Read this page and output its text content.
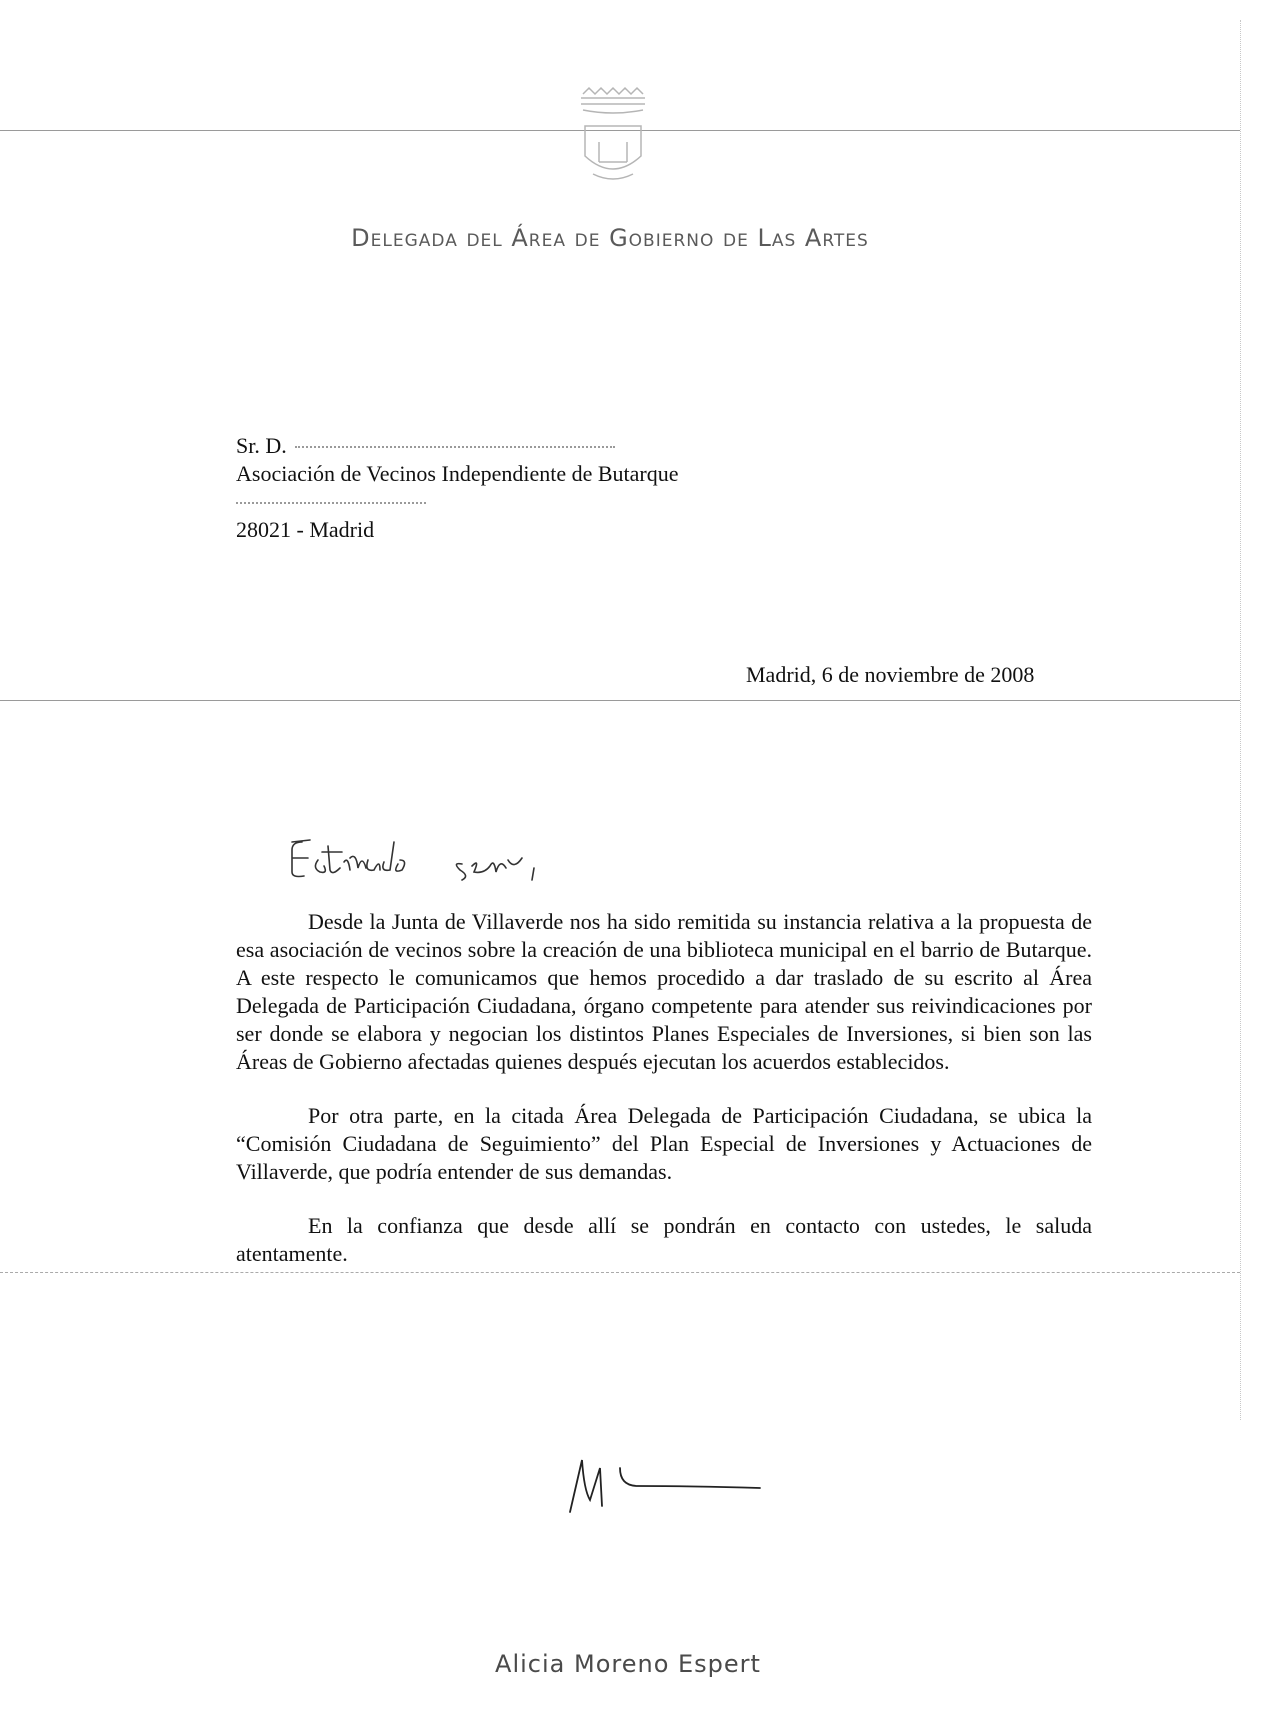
Delegada del Área de Gobierno de Las Artes
Sr. D.
Asociación de Vecinos Independiente de Butarque
28021 - Madrid
Madrid, 6 de noviembre de 2008

Desde la Junta de Villaverde nos ha sido remitida su instancia relativa a la propuesta de esa asociación de vecinos sobre la creación de una biblioteca municipal en el barrio de Butarque. A este respecto le comunicamos que hemos procedido a dar traslado de su escrito al Área Delegada de Participación Ciudadana, órgano competente para atender sus reivindicaciones por ser donde se elabora y negocian los distintos Planes Especiales de Inversiones, si bien son las Áreas de Gobierno afectadas quienes después ejecutan los acuerdos establecidos.

Por otra parte, en la citada Área Delegada de Participación Ciudadana, se ubica la “Comisión Ciudadana de Seguimiento” del Plan Especial de Inversiones y Actuaciones de Villaverde, que podría entender de sus demandas.

En la confianza que desde allí se pondrán en contacto con ustedes, le saluda atentamente.

Alicia Moreno Espert
